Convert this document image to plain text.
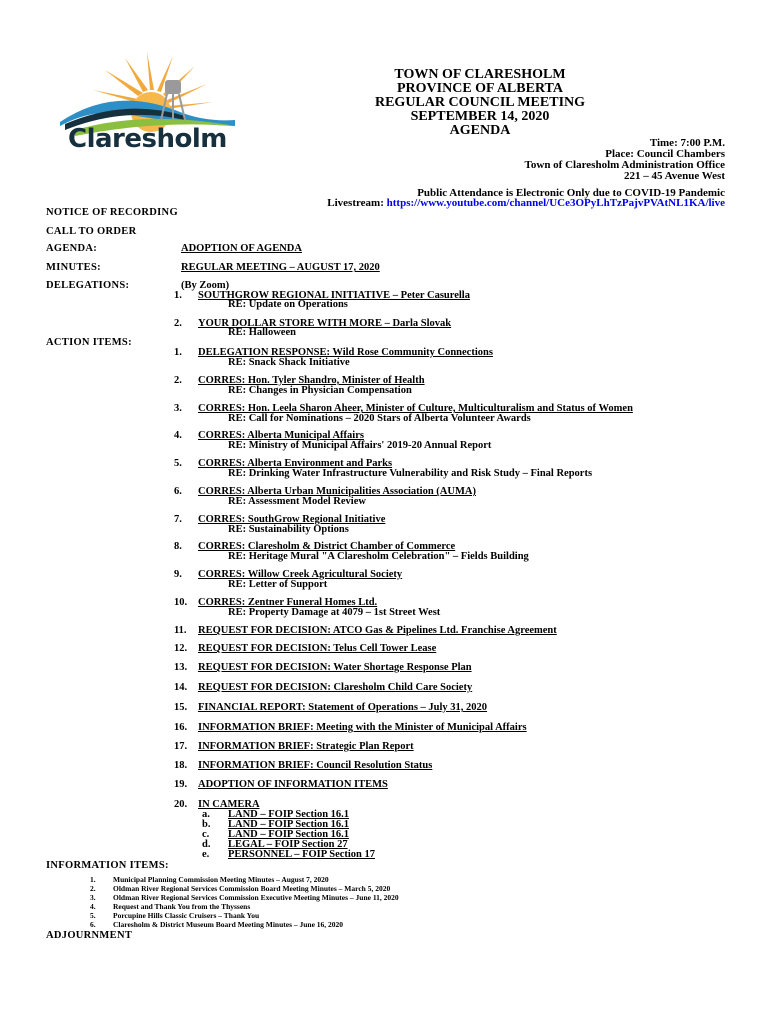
Claresholm
TOWN OF CLARESHOLM
PROVINCE OF ALBERTA
REGULAR COUNCIL MEETING
SEPTEMBER 14, 2020
AGENDA
Time: 7:00 P.M.
Place: Council Chambers
Town of Claresholm Administration Office
221 – 45 Avenue West
Public Attendance is Electronic Only due to COVID-19 Pandemic
Livestream: https://www.youtube.com/channel/UCe3OPyLhTzPajvPVAtNL1KA/live
NOTICE OF RECORDING
CALL TO ORDER
AGENDA:	ADOPTION OF AGENDA
MINUTES:	REGULAR MEETING – AUGUST 17, 2020
DELEGATIONS:	(By Zoom)
1.	SOUTHGROW REGIONAL INITIATIVE – Peter Casurella
RE: Update on Operations
2.	YOUR DOLLAR STORE WITH MORE – Darla Slovak
RE: Halloween
ACTION ITEMS:
1.	DELEGATION RESPONSE: Wild Rose Community Connections
RE: Snack Shack Initiative
2.	CORRES: Hon. Tyler Shandro, Minister of Health
RE: Changes in Physician Compensation
3.	CORRES: Hon. Leela Sharon Aheer, Minister of Culture, Multiculturalism and Status of Women
RE: Call for Nominations – 2020 Stars of Alberta Volunteer Awards
4.	CORRES: Alberta Municipal Affairs
RE: Ministry of Municipal Affairs' 2019-20 Annual Report
5.	CORRES: Alberta Environment and Parks
RE: Drinking Water Infrastructure Vulnerability and Risk Study – Final Reports
6.	CORRES: Alberta Urban Municipalities Association (AUMA)
RE: Assessment Model Review
7.	CORRES: SouthGrow Regional Initiative
RE: Sustainability Options
8.	CORRES: Claresholm & District Chamber of Commerce
RE: Heritage Mural "A Claresholm Celebration" – Fields Building
9.	CORRES: Willow Creek Agricultural Society
RE: Letter of Support
10.	CORRES: Zentner Funeral Homes Ltd.
RE: Property Damage at 4079 – 1st Street West
11.	REQUEST FOR DECISION: ATCO Gas & Pipelines Ltd. Franchise Agreement
12.	REQUEST FOR DECISION: Telus Cell Tower Lease
13.	REQUEST FOR DECISION: Water Shortage Response Plan
14.	REQUEST FOR DECISION: Claresholm Child Care Society
15.	FINANCIAL REPORT: Statement of Operations – July 31, 2020
16.	INFORMATION BRIEF: Meeting with the Minister of Municipal Affairs
17.	INFORMATION BRIEF: Strategic Plan Report
18.	INFORMATION BRIEF: Council Resolution Status
19.	ADOPTION OF INFORMATION ITEMS
20.	IN CAMERA
a. LAND – FOIP Section 16.1
b. LAND – FOIP Section 16.1
c. LAND – FOIP Section 16.1
d. LEGAL – FOIP Section 27
e. PERSONNEL – FOIP Section 17
INFORMATION ITEMS:
1. Municipal Planning Commission Meeting Minutes – August 7, 2020
2. Oldman River Regional Services Commission Board Meeting Minutes – March 5, 2020
3. Oldman River Regional Services Commission Executive Meeting Minutes – June 11, 2020
4. Request and Thank You from the Thyssens
5. Porcupine Hills Classic Cruisers – Thank You
6. Claresholm & District Museum Board Meeting Minutes – June 16, 2020
ADJOURNMENT
